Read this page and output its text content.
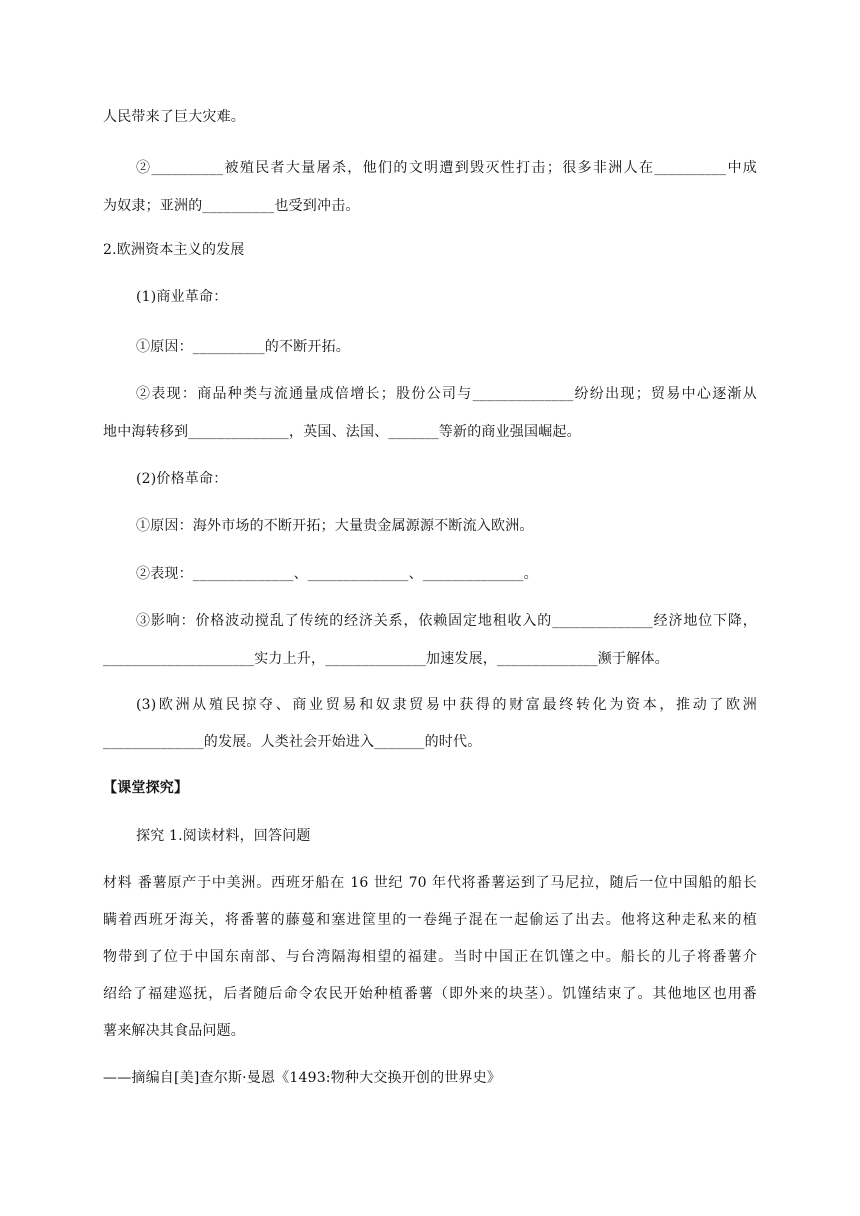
人民带来了巨大灾难。
②__________被殖民者大量屠杀，他们的文明遭到毁灭性打击；很多非洲人在__________中成
为奴隶；亚洲的__________也受到冲击。
2.欧洲资本主义的发展
(1)商业革命：
①原因：__________的不断开拓。
②表现：商品种类与流通量成倍增长；股份公司与______________纷纷出现；贸易中心逐渐从
地中海转移到______________，英国、法国、_______等新的商业强国崛起。
(2)价格革命：
①原因：海外市场的不断开拓；大量贵金属源源不断流入欧洲。
②表现：______________、______________、______________。
③影响：价格波动搅乱了传统的经济关系，依赖固定地租收入的______________经济地位下降，
_____________________实力上升，______________加速发展，______________濒于解体。
(3)欧洲从殖民掠夺、商业贸易和奴隶贸易中获得的财富最终转化为资本，推动了欧洲
______________的发展。人类社会开始进入_______的时代。
【课堂探究】
探究 1.阅读材料，回答问题
材料 番薯原产于中美洲。西班牙船在 16 世纪 70 年代将番薯运到了马尼拉，随后一位中国船的船长
瞒着西班牙海关，将番薯的藤蔓和塞进筐里的一卷绳子混在一起偷运了出去。他将这种走私来的植
物带到了位于中国东南部、与台湾隔海相望的福建。当时中国正在饥馑之中。船长的儿子将番薯介
绍给了福建巡抚，后者随后命令农民开始种植番薯（即外来的块茎）。饥馑结束了。其他地区也用番
薯来解决其食品问题。
——摘编自[美]查尔斯·曼恩《1493:物种大交换开创的世界史》
